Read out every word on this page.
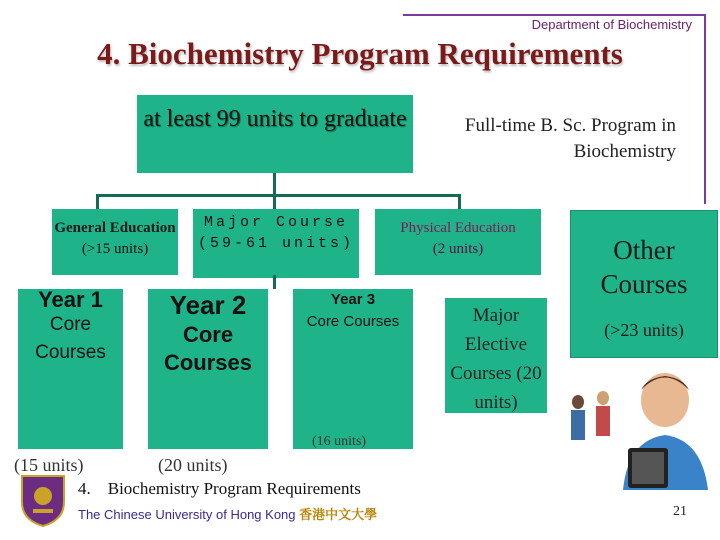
Department of Biochemistry
4. Biochemistry Program Requirements
at least 99 units to graduate	Full-time B. Sc. Program in Biochemistry
General Education
(>15 units)
Major Course
(59-61 units)
Physical Education
(2 units)
Year 1
Core Courses
Year 2
Core Courses
Year 3
Core Courses
(15 units)	(20 units)
(16 units)
Major Elective Courses (20 units)
Other Courses
(>23 units)
4.    Biochemistry Program Requirements
The Chinese University of Hong Kong 香港中文大學	21
